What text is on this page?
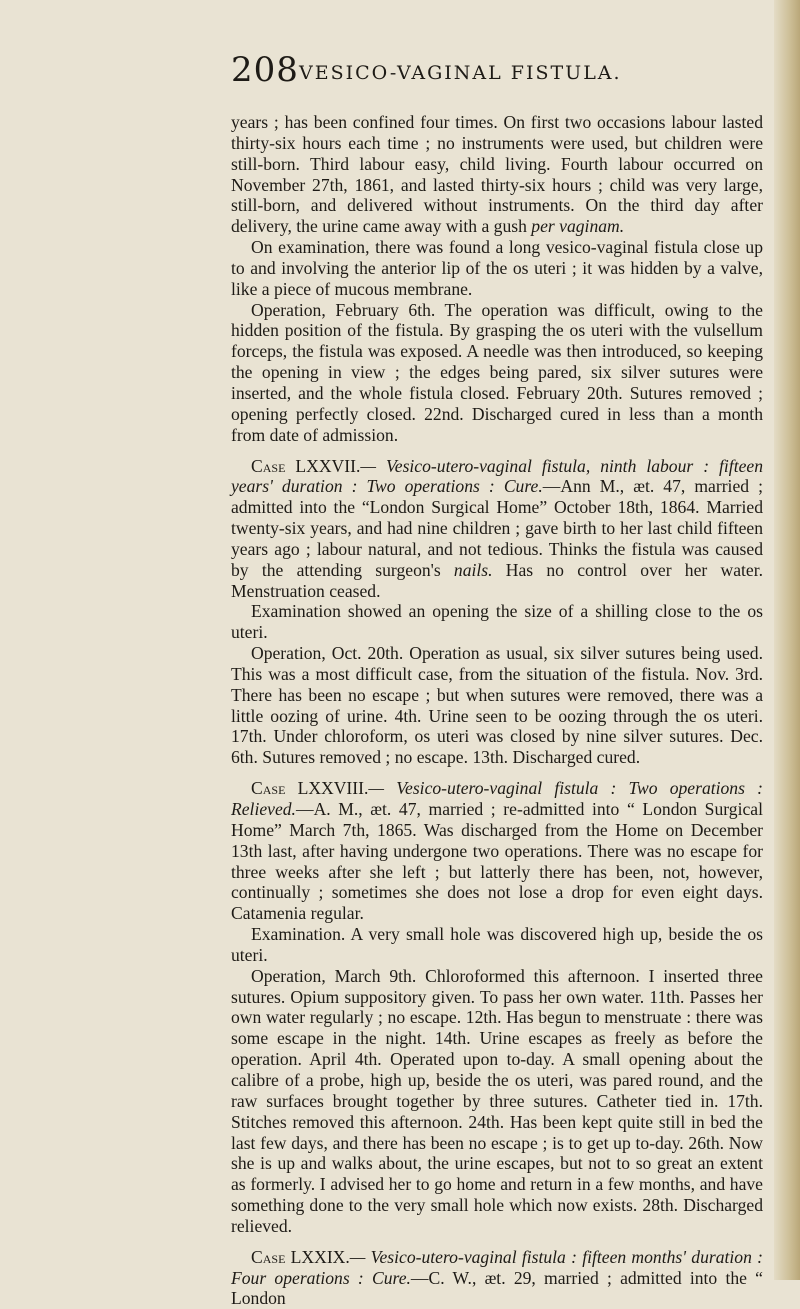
208 VESICO-VAGINAL FISTULA.

years ; has been confined four times. On first two occasions labour lasted thirty-six hours each time ; no instruments were used, but children were still-born. Third labour easy, child living. Fourth labour occurred on November 27th, 1861, and lasted thirty-six hours ; child was very large, still-born, and delivered without instruments. On the third day after delivery, the urine came away with a gush per vaginam.

On examination, there was found a long vesico-vaginal fistula close up to and involving the anterior lip of the os uteri ; it was hidden by a valve, like a piece of mucous membrane.

Operation, February 6th. The operation was difficult, owing to the hidden position of the fistula. By grasping the os uteri with the vulsellum forceps, the fistula was exposed. A needle was then introduced, so keeping the opening in view ; the edges being pared, six silver sutures were inserted, and the whole fistula closed. February 20th. Sutures removed ; opening perfectly closed. 22nd. Discharged cured in less than a month from date of admission.

Case LXXVII.— Vesico-utero-vaginal fistula, ninth labour : fifteen years' duration : Two operations : Cure.—Ann M., æt. 47, married ; admitted into the “London Surgical Home” October 18th, 1864. Married twenty-six years, and had nine children ; gave birth to her last child fifteen years ago ; labour natural, and not tedious. Thinks the fistula was caused by the attending surgeon's nails. Has no control over her water. Menstruation ceased.

Examination showed an opening the size of a shilling close to the os uteri.

Operation, Oct. 20th. Operation as usual, six silver sutures being used. This was a most difficult case, from the situation of the fistula. Nov. 3rd. There has been no escape ; but when sutures were removed, there was a little oozing of urine. 4th. Urine seen to be oozing through the os uteri. 17th. Under chloroform, os uteri was closed by nine silver sutures. Dec. 6th. Sutures removed ; no escape. 13th. Discharged cured.

Case LXXVIII.— Vesico-utero-vaginal fistula : Two operations : Relieved.—A. M., æt. 47, married ; re-admitted into “ London Surgical Home” March 7th, 1865. Was discharged from the Home on December 13th last, after having undergone two operations. There was no escape for three weeks after she left ; but latterly there has been, not, however, continually ; sometimes she does not lose a drop for even eight days. Catamenia regular.

Examination. A very small hole was discovered high up, beside the os uteri.

Operation, March 9th. Chloroformed this afternoon. I inserted three sutures. Opium suppository given. To pass her own water. 11th. Passes her own water regularly ; no escape. 12th. Has begun to menstruate : there was some escape in the night. 14th. Urine escapes as freely as before the operation. April 4th. Operated upon to-day. A small opening about the calibre of a probe, high up, beside the os uteri, was pared round, and the raw surfaces brought together by three sutures. Catheter tied in. 17th. Stitches removed this afternoon. 24th. Has been kept quite still in bed the last few days, and there has been no escape ; is to get up to-day. 26th. Now she is up and walks about, the urine escapes, but not to so great an extent as formerly. I advised her to go home and return in a few months, and have something done to the very small hole which now exists. 28th. Discharged relieved.

Case LXXIX.— Vesico-utero-vaginal fistula : fifteen months' duration : Four operations : Cure.—C. W., æt. 29, married ; admitted into the “ London
